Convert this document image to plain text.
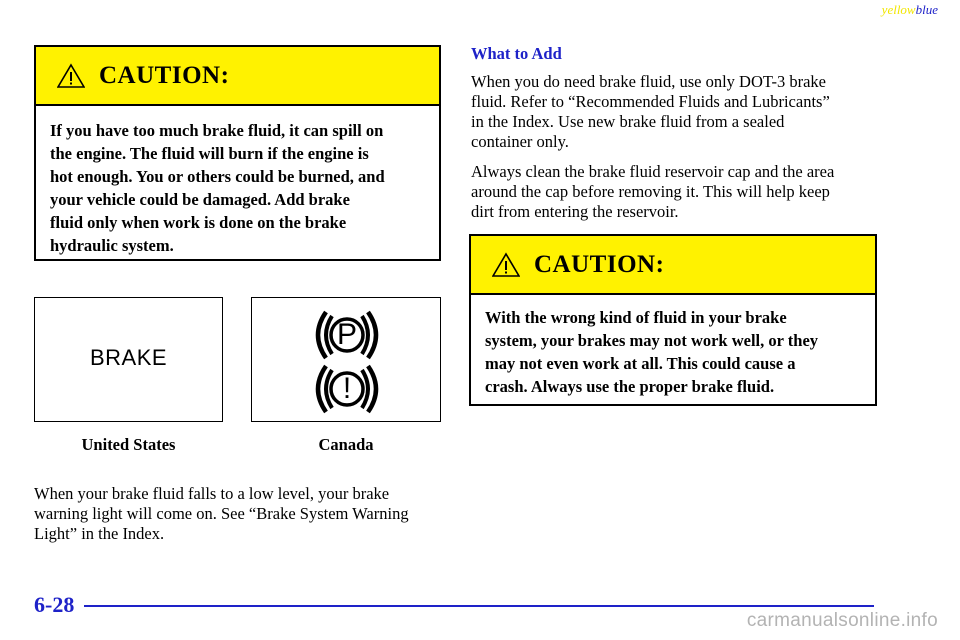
yellowblue
CAUTION:
If you have too much brake fluid, it can spill on
the engine. The fluid will burn if the engine is
hot enough. You or others could be burned, and
your vehicle could be damaged. Add brake
fluid only when work is done on the brake
hydraulic system.
BRAKE
P
!
United States	Canada
When your brake fluid falls to a low level, your brake
warning light will come on. See “Brake System Warning
Light” in the Index.
What to Add
When you do need brake fluid, use only DOT-3 brake
fluid. Refer to “Recommended Fluids and Lubricants”
in the Index. Use new brake fluid from a sealed
container only.
Always clean the brake fluid reservoir cap and the area
around the cap before removing it. This will help keep
dirt from entering the reservoir.
CAUTION:
With the wrong kind of fluid in your brake
system, your brakes may not work well, or they
may not even work at all. This could cause a
crash. Always use the proper brake fluid.
6-28
carmanualsonline.info
